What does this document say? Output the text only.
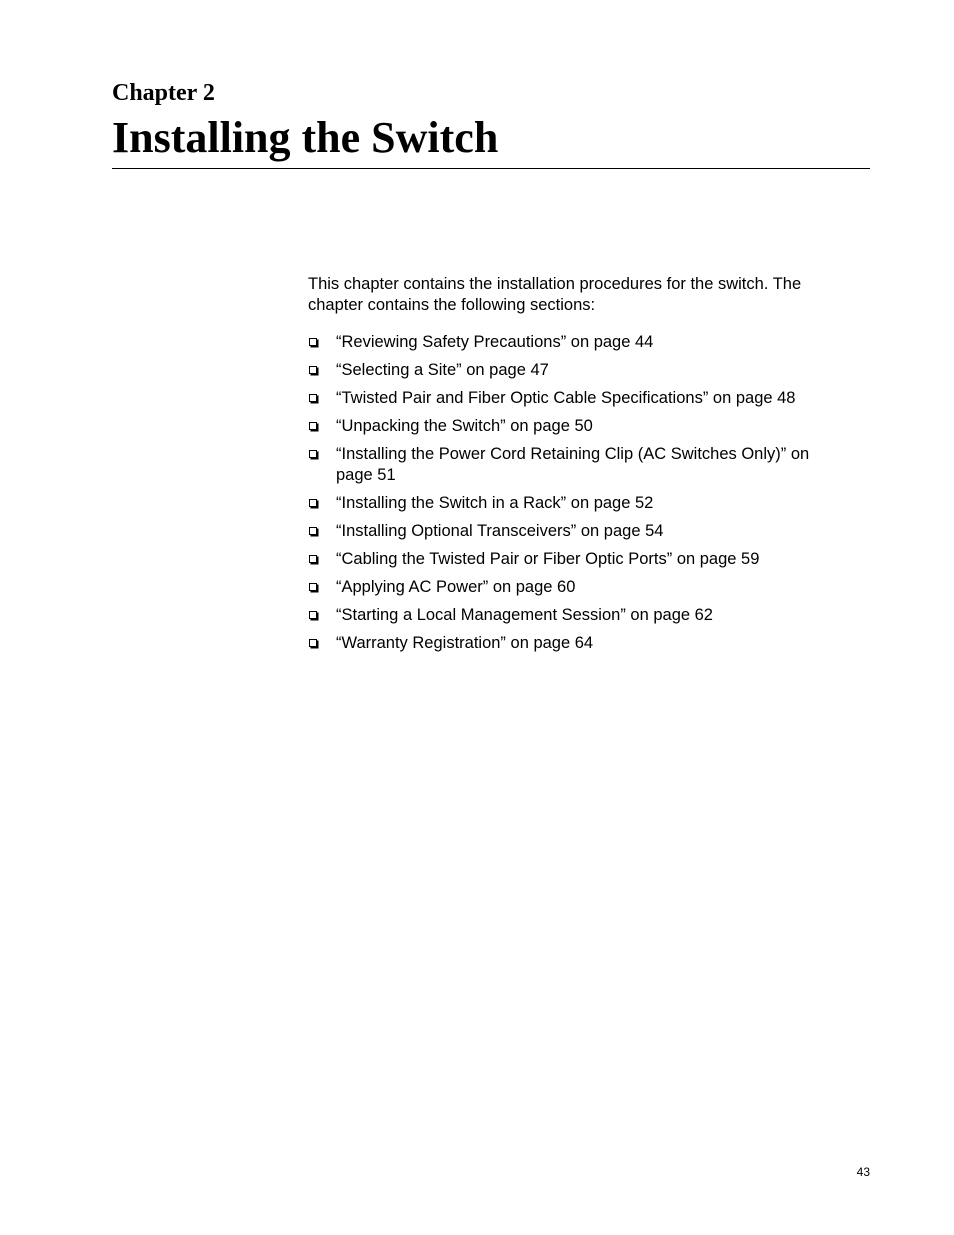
Chapter 2
Installing the Switch

This chapter contains the installation procedures for the switch. The chapter contains the following sections:

“Reviewing Safety Precautions” on page 44
“Selecting a Site” on page 47
“Twisted Pair and Fiber Optic Cable Specifications” on page 48
“Unpacking the Switch” on page 50
“Installing the Power Cord Retaining Clip (AC Switches Only)” on page 51
“Installing the Switch in a Rack” on page 52
“Installing Optional Transceivers” on page 54
“Cabling the Twisted Pair or Fiber Optic Ports” on page 59
“Applying AC Power” on page 60
“Starting a Local Management Session” on page 62
“Warranty Registration” on page 64
43
